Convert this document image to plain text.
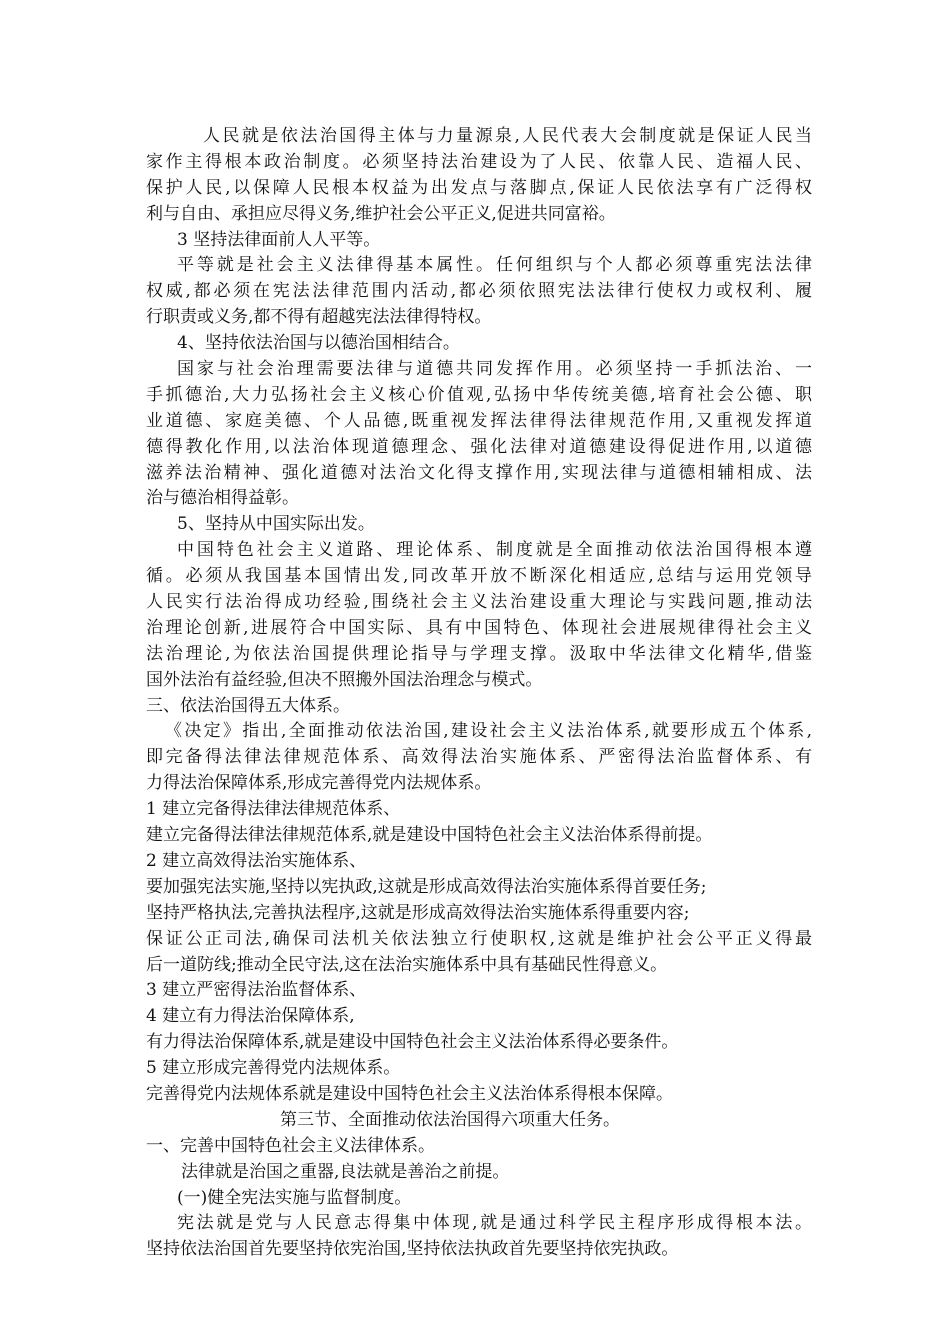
人民就是依法治国得主体与力量源泉,人民代表大会制度就是保证人民当
家作主得根本政治制度。必须坚持法治建设为了人民、依靠人民、造福人民、
保护人民,以保障人民根本权益为出发点与落脚点,保证人民依法享有广泛得权
利与自由、承担应尽得义务,维护社会公平正义,促进共同富裕。
3 坚持法律面前人人平等。
平等就是社会主义法律得基本属性。任何组织与个人都必须尊重宪法法律
权威,都必须在宪法法律范围内活动,都必须依照宪法法律行使权力或权利、履
行职责或义务,都不得有超越宪法法律得特权。
4、坚持依法治国与以德治国相结合。
国家与社会治理需要法律与道德共同发挥作用。必须坚持一手抓法治、一
手抓德治,大力弘扬社会主义核心价值观,弘扬中华传统美德,培育社会公德、职
业道德、家庭美德、个人品德,既重视发挥法律得法律规范作用,又重视发挥道
德得教化作用,以法治体现道德理念、强化法律对道德建设得促进作用,以道德
滋养法治精神、强化道德对法治文化得支撑作用,实现法律与道德相辅相成、法
治与德治相得益彰。
5、坚持从中国实际出发。
中国特色社会主义道路、理论体系、制度就是全面推动依法治国得根本遵
循。必须从我国基本国情出发,同改革开放不断深化相适应,总结与运用党领导
人民实行法治得成功经验,围绕社会主义法治建设重大理论与实践问题,推动法
治理论创新,进展符合中国实际、具有中国特色、体现社会进展规律得社会主义
法治理论,为依法治国提供理论指导与学理支撑。汲取中华法律文化精华,借鉴
国外法治有益经验,但决不照搬外国法治理念与模式。
三、依法治国得五大体系。
《决定》指出,全面推动依法治国,建设社会主义法治体系,就要形成五个体系,
即完备得法律法律规范体系、高效得法治实施体系、严密得法治监督体系、有
力得法治保障体系,形成完善得党内法规体系。
1 建立完备得法律法律规范体系、
建立完备得法律法律规范体系,就是建设中国特色社会主义法治体系得前提。
2 建立高效得法治实施体系、
要加强宪法实施,坚持以宪执政,这就是形成高效得法治实施体系得首要任务;
坚持严格执法,完善执法程序,这就是形成高效得法治实施体系得重要内容;
保证公正司法,确保司法机关依法独立行使职权,这就是维护社会公平正义得最
后一道防线;推动全民守法,这在法治实施体系中具有基础民性得意义。
3 建立严密得法治监督体系、
4 建立有力得法治保障体系,
有力得法治保障体系,就是建设中国特色社会主义法治体系得必要条件。
5 建立形成完善得党内法规体系。
完善得党内法规体系就是建设中国特色社会主义法治体系得根本保障。
第三节、全面推动依法治国得六项重大任务。
一、完善中国特色社会主义法律体系。
法律就是治国之重器,良法就是善治之前提。
(一)健全宪法实施与监督制度。
宪法就是党与人民意志得集中体现,就是通过科学民主程序形成得根本法。
坚持依法治国首先要坚持依宪治国,坚持依法执政首先要坚持依宪执政。
